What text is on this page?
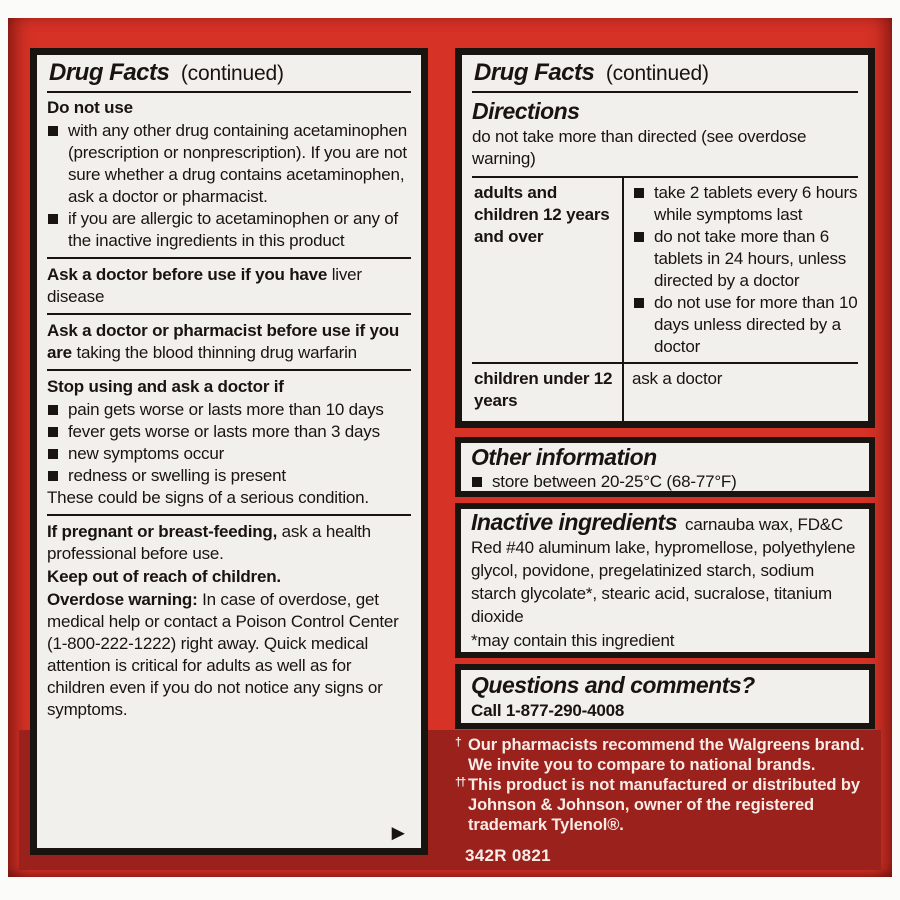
Drug Facts (continued)

Do not use

with any other drug containing acetaminophen (prescription or nonprescription). If you are not sure whether a drug contains acetaminophen, ask a doctor or pharmacist.
if you are allergic to acetaminophen or any of the inactive ingredients in this product

Ask a doctor before use if you have liver disease

Ask a doctor or pharmacist before use if you are taking the blood thinning drug warfarin

Stop using and ask a doctor if

pain gets worse or lasts more than 10 days
fever gets worse or lasts more than 3 days
new symptoms occur
redness or swelling is present

These could be signs of a serious condition.

If pregnant or breast-feeding, ask a health professional before use.

Keep out of reach of children.

Overdose warning: In case of overdose, get medical help or contact a Poison Control Center (1-800-222-1222) right away. Quick medical attention is critical for adults as well as for children even if you do not notice any signs or symptoms.

►
Drug Facts (continued)

Directions

do not take more than directed (see overdose warning)

adults and children 12 years and over
take 2 tablets every 6 hours while symptoms last
do not take more than 6 tablets in 24 hours, unless directed by a doctor
do not use for more than 10 days unless directed by a doctor
children under 12 years
ask a doctor

Other information

store between 20-25°C (68-77°F)

Inactive ingredients carnauba wax, FD&C Red #40 aluminum lake, hypromellose, polyethylene glycol, povidone, pregelatinized starch, sodium starch glycolate*, stearic acid, sucralose, titanium dioxide

*may contain this ingredient

Questions and comments?

Call 1-877-290-4008

† Our pharmacists recommend the Walgreens brand.
We invite you to compare to national brands.
†† This product is not manufactured or distributed by
Johnson & Johnson, owner of the registered
trademark Tylenol®.
342R 0821
